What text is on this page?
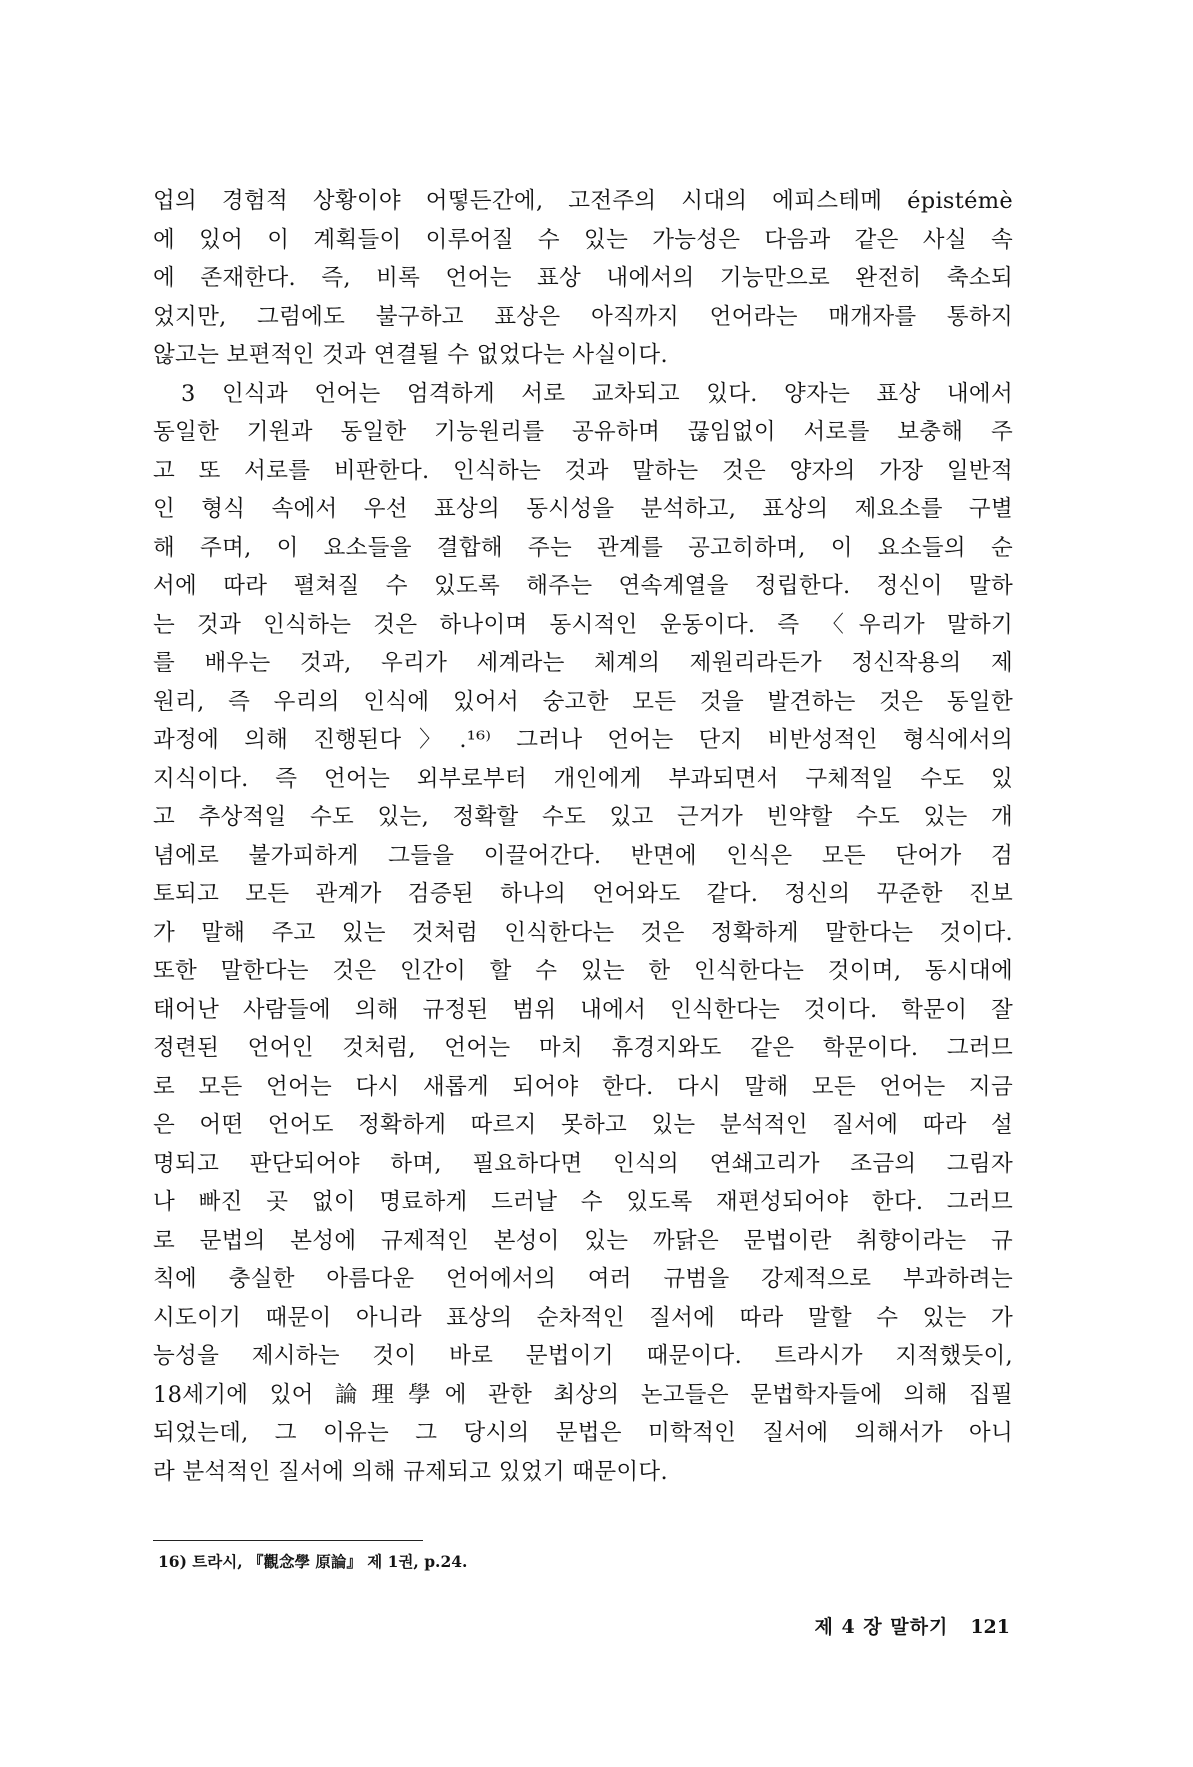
업의 경험적 상황이야 어떻든간에, 고전주의 시대의 에피스테메 épistémè
에 있어 이 계획들이 이루어질 수 있는 가능성은 다음과 같은 사실 속
에 존재한다. 즉, 비록 언어는 표상 내에서의 기능만으로 완전히 축소되
었지만, 그럼에도 불구하고 표상은 아직까지 언어라는 매개자를 통하지
않고는 보편적인 것과 연결될 수 없었다는 사실이다.
3 인식과 언어는 엄격하게 서로 교차되고 있다. 양자는 표상 내에서
동일한 기원과 동일한 기능원리를 공유하며 끊임없이 서로를 보충해 주
고 또 서로를 비판한다. 인식하는 것과 말하는 것은 양자의 가장 일반적
인 형식 속에서 우선 표상의 동시성을 분석하고, 표상의 제요소를 구별
해 주며, 이 요소들을 결합해 주는 관계를 공고히하며, 이 요소들의 순
서에 따라 펼쳐질 수 있도록 해주는 연속계열을 정립한다. 정신이 말하
는 것과 인식하는 것은 하나이며 동시적인 운동이다. 즉 〈우리가 말하기
를 배우는 것과, 우리가 세계라는 체계의 제원리라든가 정신작용의 제
원리, 즉 우리의 인식에 있어서 숭고한 모든 것을 발견하는 것은 동일한
과정에 의해 진행된다〉.¹⁶⁾ 그러나 언어는 단지 비반성적인 형식에서의
지식이다. 즉 언어는 외부로부터 개인에게 부과되면서 구체적일 수도 있
고 추상적일 수도 있는, 정확할 수도 있고 근거가 빈약할 수도 있는 개
념에로 불가피하게 그들을 이끌어간다. 반면에 인식은 모든 단어가 검
토되고 모든 관계가 검증된 하나의 언어와도 같다. 정신의 꾸준한 진보
가 말해 주고 있는 것처럼 인식한다는 것은 정확하게 말한다는 것이다.
또한 말한다는 것은 인간이 할 수 있는 한 인식한다는 것이며, 동시대에
태어난 사람들에 의해 규정된 범위 내에서 인식한다는 것이다. 학문이 잘
정련된 언어인 것처럼, 언어는 마치 휴경지와도 같은 학문이다. 그러므
로 모든 언어는 다시 새롭게 되어야 한다. 다시 말해 모든 언어는 지금
은 어떤 언어도 정확하게 따르지 못하고 있는 분석적인 질서에 따라 설
명되고 판단되어야 하며, 필요하다면 인식의 연쇄고리가 조금의 그림자
나 빠진 곳 없이 명료하게 드러날 수 있도록 재편성되어야 한다. 그러므
로 문법의 본성에 규제적인 본성이 있는 까닭은 문법이란 취향이라는 규
칙에 충실한 아름다운 언어에서의 여러 규범을 강제적으로 부과하려는
시도이기 때문이 아니라 표상의 순차적인 질서에 따라 말할 수 있는 가
능성을 제시하는 것이 바로 문법이기 때문이다. 트라시가 지적했듯이,
18세기에 있어 論理學에 관한 최상의 논고들은 문법학자들에 의해 집필
되었는데, 그 이유는 그 당시의 문법은 미학적인 질서에 의해서가 아니
라 분석적인 질서에 의해 규제되고 있었기 때문이다.
16) 트라시, 『觀念學 原論』 제 1권, p.24.
제 4 장 말하기 121
